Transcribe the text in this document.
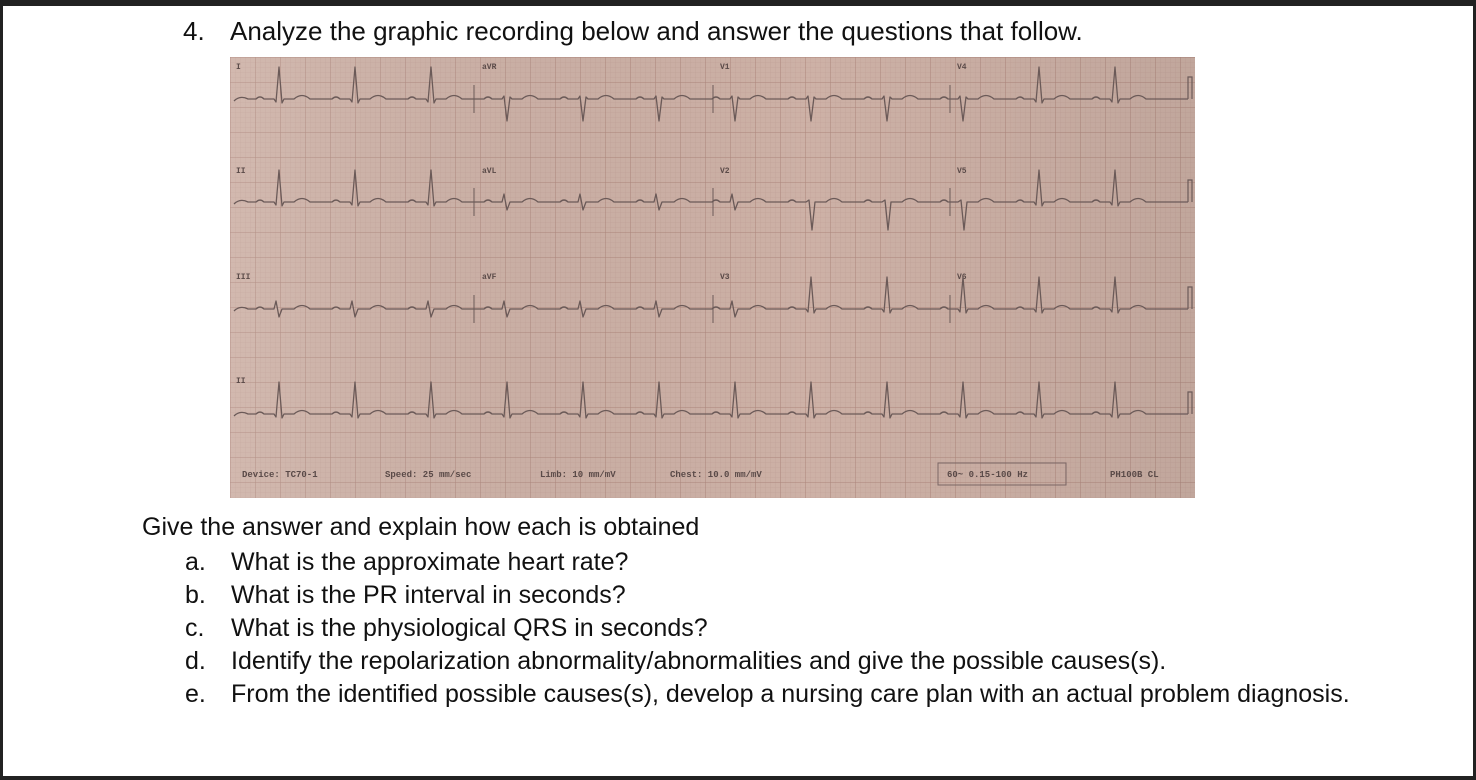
4. Analyze the graphic recording below and answer the questions that follow.
I	aVR	V1	V4
II	aVL	V2	V5
III	aVF	V3	V6
II
Device: TC70-1	Speed: 25 mm/sec	Limb: 10 mm/mV	Chest: 10.0 mm/mV	60~ 0.15-100 Hz	PH100B CL
Give the answer and explain how each is obtained
a. What is the approximate heart rate?
b. What is the PR interval in seconds?
c. What is the physiological QRS in seconds?
d. Identify the repolarization abnormality/abnormalities and give the possible causes(s).
e. From the identified possible causes(s), develop a nursing care plan with an actual problem diagnosis.
